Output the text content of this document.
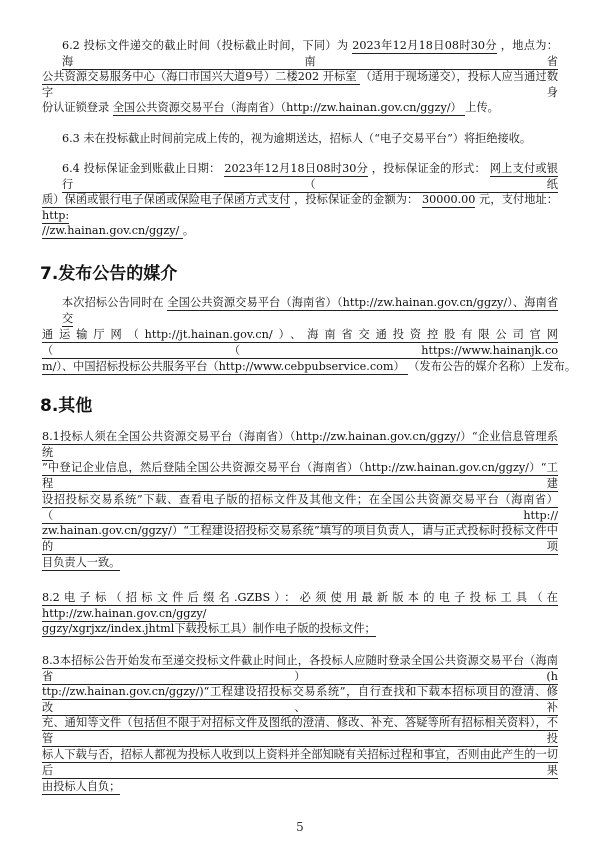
6.2 投标文件递交的截止时间（投标截止时间，下同）为 2023年12月18日08时30分 ，地点为： 海南省
公共资源交易服务中心（海口市国兴大道9号）二楼202 开标室 （适用于现场递交），投标人应当通过数字身
份认证锁登录 全国公共资源交易平台（海南省）（http://zw.hainan.gov.cn/ggzy/） 上传。
6.3 未在投标截止时间前完成上传的，视为逾期送达，招标人（“电子交易平台”）将拒绝接收。
6.4 投标保证金到账截止日期： 2023年12月18日08时30分 ，投标保证金的形式： 网上支付或银行（纸
质）保函或银行电子保函或保险电子保函方式支付 ，投标保证金的金额为： 30000.00 元，支付地址： http:
//zw.hainan.gov.cn/ggzy/ 。
7.发布公告的媒介
本次招标公告同时在 全国公共资源交易平台（海南省）（http://zw.hainan.gov.cn/ggzy/）、海南省交
通运输厅网（http://jt.hainan.gov.cn/）、海南省交通投资控股有限公司官网（（https://www.hainanjk.co
m/）、中国招标投标公共服务平台（http://www.cebpubservice.com） （发布公告的媒介名称）上发布。
8.其他
8.1投标人须在全国公共资源交易平台（海南省）（http://zw.hainan.gov.cn/ggzy/）“企业信息管理系统
”中登记企业信息，然后登陆全国公共资源交易平台（海南省）（http://zw.hainan.gov.cn/ggzy/）“工程建
设招投标交易系统”下载、查看电子版的招标文件及其他文件；在全国公共资源交易平台（海南省）（http://
zw.hainan.gov.cn/ggzy/）“工程建设招投标交易系统”填写的项目负责人，请与正式投标时投标文件中的项
目负责人一致。
8.2电子标（招标文件后缀名.GZBS）：必须使用最新版本的电子投标工具（在http://zw.hainan.gov.cn/ggzy/
ggzy/xgrjxz/index.jhtml下载投标工具）制作电子版的投标文件；
8.3本招标公告开始发布至递交投标文件截止时间止，各投标人应随时登录全国公共资源交易平台（海南省）(h
ttp://zw.hainan.gov.cn/ggzy/)“工程建设招投标交易系统”，自行查找和下载本招标项目的澄清、修改、补
充、通知等文件（包括但不限于对招标文件及图纸的澄清、修改、补充、答疑等所有招标相关资料），不管投
标人下载与否，招标人都视为投标人收到以上资料并全部知晓有关招标过程和事宜，否则由此产生的一切后果
由投标人自负；
5
